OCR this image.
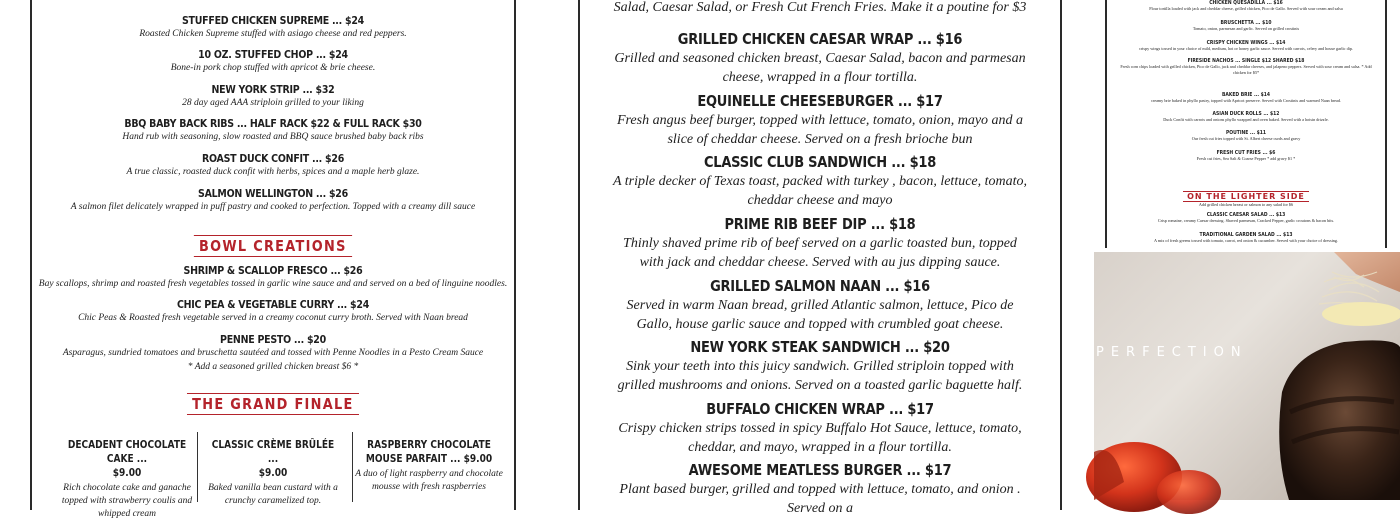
STUFFED CHICKEN SUPREME ... $24
Roasted Chicken Supreme stuffed with asiago cheese and red peppers.
10 OZ. STUFFED CHOP ... $24
Bone-in pork chop stuffed with apricot & brie cheese.
NEW YORK STRIP ... $32
28 day aged AAA striploin grilled to your liking
BBQ BABY BACK RIBS ... HALF RACK $22 & FULL RACK $30
Hand rub with seasoning, slow roasted and BBQ sauce brushed baby back ribs
ROAST DUCK CONFIT ... $26
A true classic, roasted duck confit with herbs, spices and a maple herb glaze.
SALMON WELLINGTON ... $26
A salmon filet delicately wrapped in puff pastry and cooked to perfection. Topped with a creamy dill sauce
BOWL CREATIONS
SHRIMP & SCALLOP FRESCO ... $26
Bay scallops, shrimp and roasted fresh vegetables tossed in garlic wine sauce and and served on a bed of linguine noodles.
CHIC PEA & VEGETABLE CURRY ... $24
Chic Peas & Roasted fresh vegetable served in a creamy coconut curry broth. Served with Naan bread
PENNE PESTO ... $20
Asparagus, sundried tomatoes and bruschetta sautéed and tossed with Penne Noodles in a Pesto Cream Sauce
* Add a seasoned grilled chicken breast $6 *
THE GRAND FINALE
DECADENT CHOCOLATE CAKE ...
$9.00
Rich chocolate cake and ganache topped with strawberry coulis and whipped cream
CLASSIC CRÈME BRÛLÉE ...
$9.00
Baked vanilla bean custard with a crunchy caramelized top.
RASPBERRY CHOCOLATE MOUSE PARFAIT ... $9.00
A duo of light raspberry and chocolate mousse with fresh raspberries
Salad, Caesar Salad, or Fresh Cut French Fries. Make it a poutine for $3
GRILLED CHICKEN CAESAR WRAP ... $16
Grilled and seasoned chicken breast, Caesar Salad, bacon and parmesan cheese, wrapped in a flour tortilla.
EQUINELLE CHEESEBURGER ... $17
Fresh angus beef burger, topped with lettuce, tomato, onion, mayo and a slice of cheddar cheese. Served on a fresh brioche bun
CLASSIC CLUB SANDWICH ... $18
A triple decker of Texas toast, packed with turkey , bacon, lettuce, tomato, cheddar cheese and mayo
PRIME RIB BEEF DIP ... $18
Thinly shaved prime rib of beef served on a garlic toasted bun, topped with jack and cheddar cheese. Served with au jus dipping sauce.
GRILLED SALMON NAAN ... $16
Served in warm Naan bread, grilled Atlantic salmon, lettuce, Pico de Gallo, house garlic sauce and topped with crumbled goat cheese.
NEW YORK STEAK SANDWICH ... $20
Sink your teeth into this juicy sandwich. Grilled striploin topped with grilled mushrooms and onions. Served on a toasted garlic baguette half.
BUFFALO CHICKEN WRAP ... $17
Crispy chicken strips tossed in spicy Buffalo Hot Sauce, lettuce, tomato, cheddar, and mayo, wrapped in a flour tortilla.
AWESOME MEATLESS BURGER ... $17
Plant based burger, grilled and topped with lettuce, tomato, and onion . Served on a
CHICKEN QUESADILLA ... $16
Flour tortilla loaded with jack and cheddar cheese, grilled chicken, Pico de Gallo. Served with sour cream and salsa
BRUSCHETTA ... $10
Tomato, onion, parmesan and garlic. Served on grilled crostinis
CRISPY CHICKEN WINGS ... $14
crispy wings tossed in your choice of mild, medium, hot or honey garlic sauce. Served with carrots, celery and house garlic dip.
FIRESIDE NACHOS ... SINGLE $12 SHARED $18
Fresh corn chips loaded with grilled chicken, Pico de Gallo, jack and cheddar cheeses, and jalapeno peppers. Served with sour cream and salsa. * Add chicken for $5*
BAKED BRIE ... $14
creamy brie baked in phyllo pastry, topped with Apricot preserve. Served with Crostinis and warmed Naan bread.
ASIAN DUCK ROLLS ... $12
Duck Confit with carrots and onions phyllo wrapped and oven baked. Served with a hoisin drizzle.
POUTINE ... $11
Our fresh cut fries topped with St. Albert cheese curds and gravy
FRESH CUT FRIES ... $6
Fresh cut fries, Sea Salt & Coarse Pepper * add gravy $1 *
ON THE LIGHTER SIDE
Add grilled chicken breast or salmon to any salad for $6
CLASSIC CAESAR SALAD ... $13
Crisp romaine, creamy Caesar dressing. Shaved parmesan, Cracked Pepper, garlic croutons & bacon bits.
TRADITIONAL GARDEN SALAD ... $13
A mix of fresh greens tossed with tomato, carrot, red onion & cucumber. Served with your choice of dressing.
PERFECTION
